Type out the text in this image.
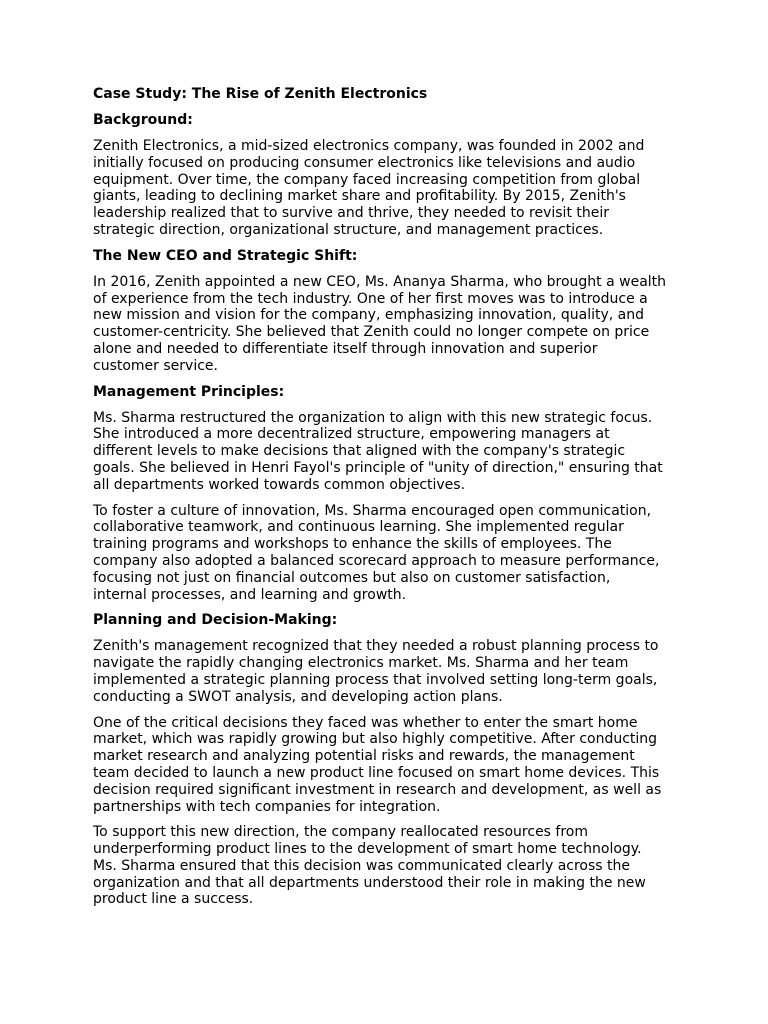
Case Study: The Rise of Zenith Electronics
Background:
Zenith Electronics, a mid-sized electronics company, was founded in 2002 and
initially focused on producing consumer electronics like televisions and audio
equipment. Over time, the company faced increasing competition from global
giants, leading to declining market share and profitability. By 2015, Zenith's
leadership realized that to survive and thrive, they needed to revisit their
strategic direction, organizational structure, and management practices.
The New CEO and Strategic Shift:
In 2016, Zenith appointed a new CEO, Ms. Ananya Sharma, who brought a wealth
of experience from the tech industry. One of her first moves was to introduce a
new mission and vision for the company, emphasizing innovation, quality, and
customer-centricity. She believed that Zenith could no longer compete on price
alone and needed to differentiate itself through innovation and superior
customer service.
Management Principles:
Ms. Sharma restructured the organization to align with this new strategic focus.
She introduced a more decentralized structure, empowering managers at
different levels to make decisions that aligned with the company's strategic
goals. She believed in Henri Fayol's principle of "unity of direction," ensuring that
all departments worked towards common objectives.
To foster a culture of innovation, Ms. Sharma encouraged open communication,
collaborative teamwork, and continuous learning. She implemented regular
training programs and workshops to enhance the skills of employees. The
company also adopted a balanced scorecard approach to measure performance,
focusing not just on financial outcomes but also on customer satisfaction,
internal processes, and learning and growth.
Planning and Decision-Making:
Zenith's management recognized that they needed a robust planning process to
navigate the rapidly changing electronics market. Ms. Sharma and her team
implemented a strategic planning process that involved setting long-term goals,
conducting a SWOT analysis, and developing action plans.
One of the critical decisions they faced was whether to enter the smart home
market, which was rapidly growing but also highly competitive. After conducting
market research and analyzing potential risks and rewards, the management
team decided to launch a new product line focused on smart home devices. This
decision required significant investment in research and development, as well as
partnerships with tech companies for integration.
To support this new direction, the company reallocated resources from
underperforming product lines to the development of smart home technology.
Ms. Sharma ensured that this decision was communicated clearly across the
organization and that all departments understood their role in making the new
product line a success.
